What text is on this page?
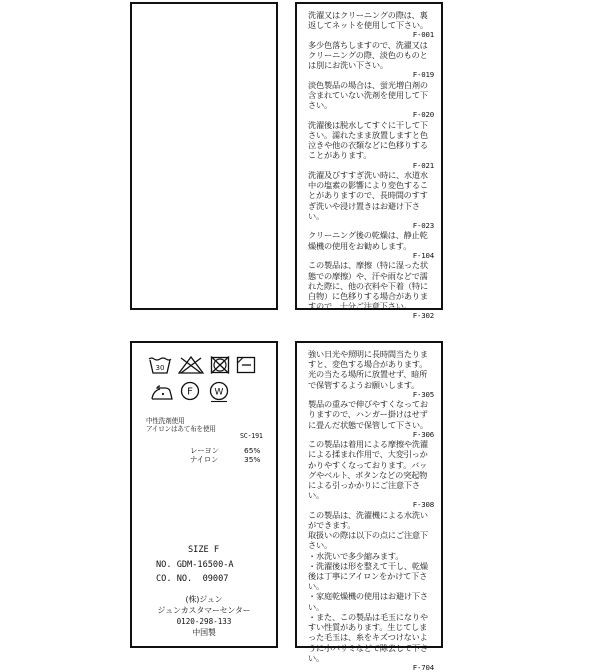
洗濯又はクリーニングの際は、裏返してネットを使用して下さい。

F-001

多少色落ちしますので、洗濯又はクリーニングの際、淡色のものとは別にお洗い下さい。

F-019

淡色製品の場合は、蛍光増白剤の含まれていない洗剤を使用して下さい。

F-020

洗濯後は脱水してすぐに干して下さい。濡れたまま放置しますと色泣きや他の衣類などに色移りすることがあります。

F-021

洗濯及びすすぎ洗い時に、水道水中の塩素の影響により変色することがありますので、長時間のすすぎ洗いや浸け置きはお避け下さい。

F-023

クリーニング後の乾燥は、静止乾燥機の使用をお勧めします。

F-104

この製品は、摩擦（特に湿った状態での摩擦）や、汗や雨などで濡れた際に、他の衣料や下着（特に白物）に色移りする場合がありますので、十分ご注意下さい。

F-302

30
F W
中性洗剤使用
アイロンはあて布を使用
SC-191
レーヨン	65%
ナイロン	35%
SIZE F
NO. GDM-16500-A
CO. NO.  09007
(株)ジュン
ジュンカスタマーセンター
0120-298-133
中国製

強い日光や照明に長時間当たりますと、変色する場合があります。光の当たる場所に放置せず、暗所で保管するようお願いします。

F-305

製品の重みで伸びやすくなっておりますので、ハンガー掛けはせずに畳んだ状態で保管して下さい。

F-306

この製品は着用による摩擦や洗濯による揉まれ作用で、大変引っかかりやすくなっております。バッグやベルト、ボタンなどの突起物による引っかかりにご注意下さい。

F-308

この製品は、洗濯機による水洗いができます。

取扱いの際は以下の点にご注意下さい。

・水洗いで多少縮みます。

・洗濯後は形を整えて干し、乾燥後は丁寧にアイロンをかけて下さい。

・家庭乾燥機の使用はお避け下さい。

・また、この製品は毛玉になりやすい性質があります。生じてしまった毛玉は、糸をキズつけないように小バサミなどで除去して下さい。

F-704
